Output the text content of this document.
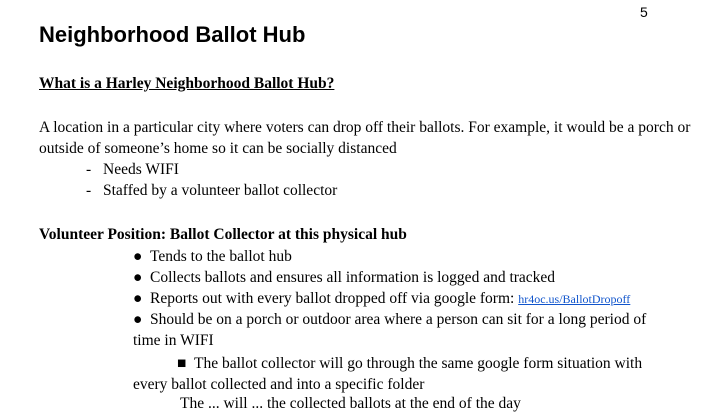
5
Neighborhood Ballot Hub
What is a Harley Neighborhood Ballot Hub?

A location in a particular city where voters can drop off their ballots. For example, it would be a porch or outside of someone’s home so it can be socially distanced

- Needs WIFI
- Staffed by a volunteer ballot collector
Volunteer Position: Ballot Collector at this physical hub
● Tends to the ballot hub
● Collects ballots and ensures all information is logged and tracked
● Reports out with every ballot dropped off via google form: hr4oc.us/BallotDropoff
● Should be on a porch or outdoor area where a person can sit for a long period of time in WIFI
■ The ballot collector will go through the same google form situation with every ballot collected and into a specific folder
The ... will ... the collected ballots at the end of the day
